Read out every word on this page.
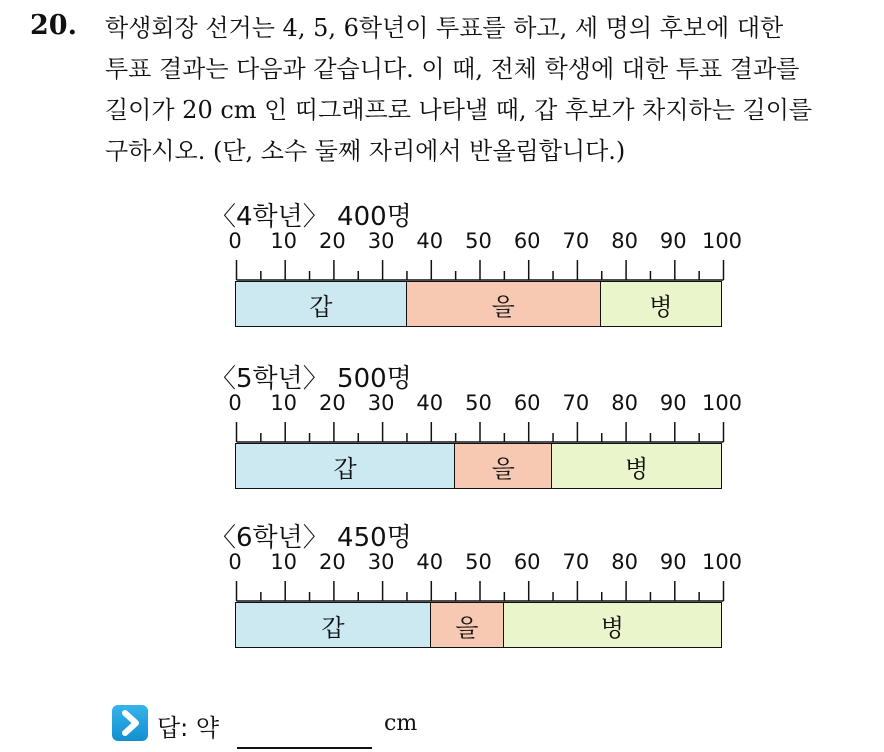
20. 학생회장 선거는 4, 5, 6학년이 투표를 하고, 세 명의 후보에 대한
투표 결과는 다음과 같습니다. 이 때, 전체 학생에 대한 투표 결과를
길이가 20 cm 인 띠그래프로 나타낼 때, 갑 후보가 차지하는 길이를
구하시오. (단, 소수 둘째 자리에서 반올림합니다.)
〈4학년〉 400명
0 10 20 30 40 50 60 70 80 90 100
갑	을	병
〈5학년〉 500명
0 10 20 30 40 50 60 70 80 90 100
갑	을	병
〈6학년〉 450명
0 10 20 30 40 50 60 70 80 90 100
갑	을	병
답: 약	cm
